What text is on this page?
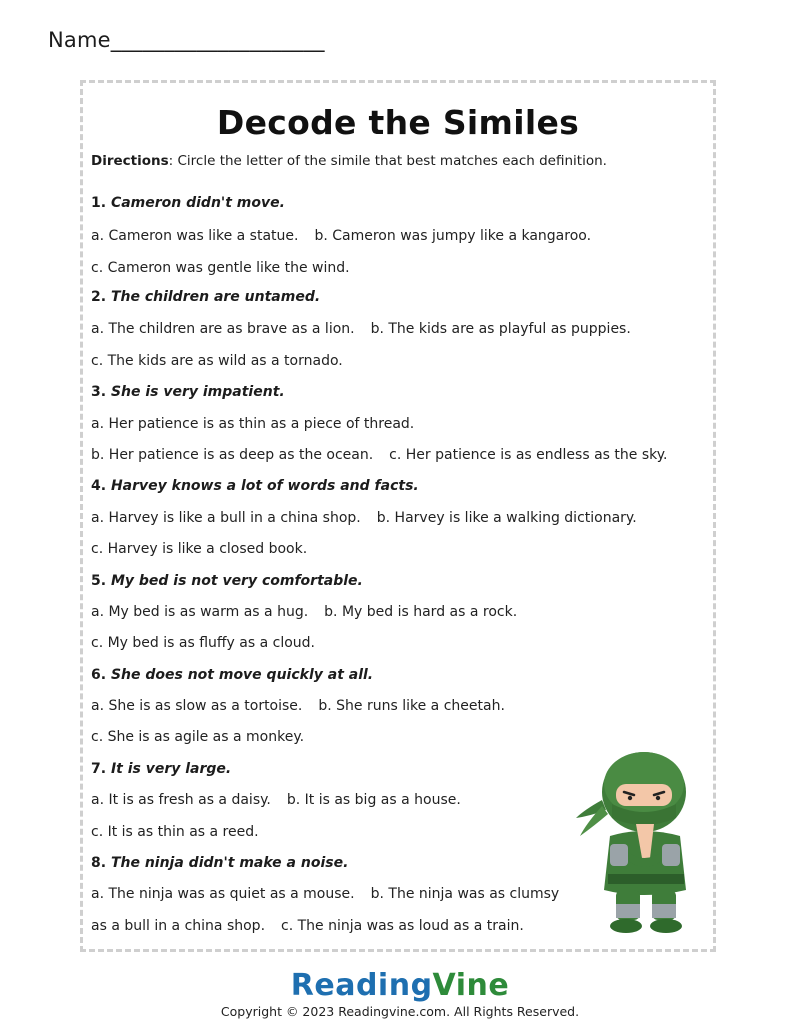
Name____________________
Decode the Similes
Directions: Circle the letter of the simile that best matches each definition.
1. Cameron didn't move.
a. Cameron was like a statue. b. Cameron was jumpy like a kangaroo.
c. Cameron was gentle like the wind.
2. The children are untamed.
a. The children are as brave as a lion. b. The kids are as playful as puppies.
c. The kids are as wild as a tornado.
3. She is very impatient.
a. Her patience is as thin as a piece of thread.
b. Her patience is as deep as the ocean. c. Her patience is as endless as the sky.
4. Harvey knows a lot of words and facts.
a. Harvey is like a bull in a china shop. b. Harvey is like a walking dictionary.
c. Harvey is like a closed book.
5. My bed is not very comfortable.
a. My bed is as warm as a hug. b. My bed is hard as a rock.
c. My bed is as fluffy as a cloud.
6. She does not move quickly at all.
a. She is as slow as a tortoise. b. She runs like a cheetah.
c. She is as agile as a monkey.
7. It is very large.
a. It is as fresh as a daisy. b. It is as big as a house.
c. It is as thin as a reed.
8. The ninja didn't make a noise.
a. The ninja was as quiet as a mouse. b. The ninja was as clumsy
as a bull in a china shop. c. The ninja was as loud as a train.
ReadingVine
Copyright © 2023 Readingvine.com. All Rights Reserved.
